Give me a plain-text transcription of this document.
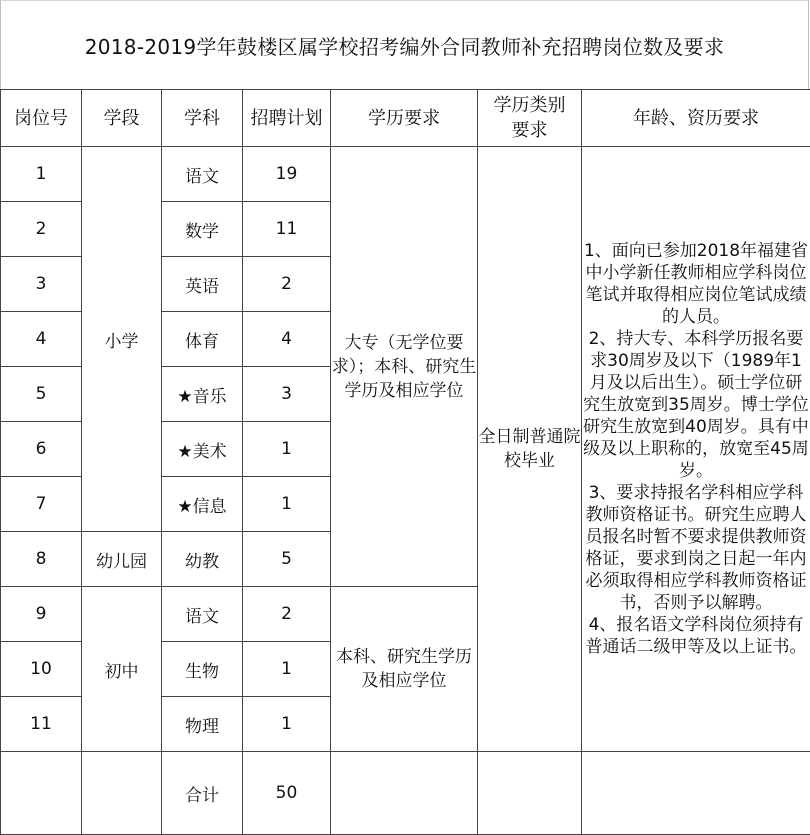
2018-2019学年鼓楼区属学校招考编外合同教师补充招聘岗位数及要求
岗位号	学段	学科	招聘计划	学历要求	学历类别要求	年龄、资历要求
1	小学	语文	19	大专（无学位要求）；本科、研究生学历及相应学位	全日制普通院校毕业	1、面向已参加2018年福建省中小学新任教师相应学科岗位笔试并取得相应岗位笔试成绩的人员。

2、持大专、本科学历报名要求30周岁及以下（1989年1月及以后出生）。硕士学位研究生放宽到35周岁。博士学位研究生放宽到40周岁。具有中级及以上职称的，放宽至45周岁。

3、要求持报名学科相应学科教师资格证书。研究生应聘人员报名时暂不要求提供教师资格证，要求到岗之日起一年内必须取得相应学科教师资格证书，否则予以解聘。

4、报名语文学科岗位须持有普通话二级甲等及以上证书。

2		数学	11			
3		英语	2			
4		体育	4			
5		★音乐	3			
6		★美术	1			
7		★信息	1			
8	幼儿园	幼教	5			
9	初中	语文	2	本科、研究生学历及相应学位		
10		生物	1			
11		物理	1			
		合计	50			
